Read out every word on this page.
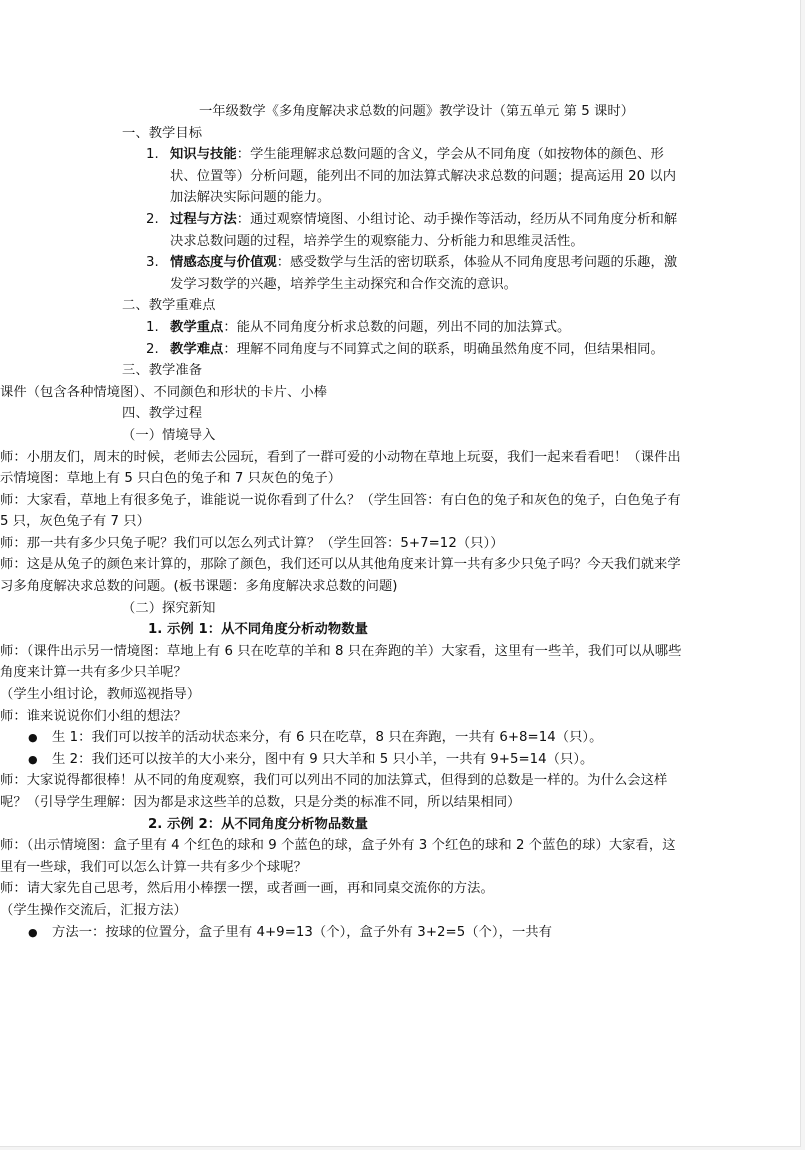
一年级数学《多角度解决求总数的问题》教学设计（第五单元 第 5 课时）

一、教学目标

1. 知识与技能：学生能理解求总数问题的含义，学会从不同角度（如按物体的颜色、形状、位置等）分析问题，能列出不同的加法算式解决求总数的问题；提高运用 20 以内加法解决实际问题的能力。
2. 过程与方法：通过观察情境图、小组讨论、动手操作等活动，经历从不同角度分析和解决求总数问题的过程，培养学生的观察能力、分析能力和思维灵活性。
3. 情感态度与价值观：感受数学与生活的密切联系，体验从不同角度思考问题的乐趣，激发学习数学的兴趣，培养学生主动探究和合作交流的意识。

二、教学重难点

1. 教学重点：能从不同角度分析求总数的问题，列出不同的加法算式。
2. 教学难点：理解不同角度与不同算式之间的联系，明确虽然角度不同，但结果相同。

三、教学准备

课件（包含各种情境图）、不同颜色和形状的卡片、小棒

四、教学过程

（一）情境导入

师：小朋友们，周末的时候，老师去公园玩，看到了一群可爱的小动物在草地上玩耍，我们一起来看看吧！（课件出示情境图：草地上有 5 只白色的兔子和 7 只灰色的兔子）

师：大家看，草地上有很多兔子，谁能说一说你看到了什么？（学生回答：有白色的兔子和灰色的兔子，白色兔子有 5 只，灰色兔子有 7 只）

师：那一共有多少只兔子呢？我们可以怎么列式计算？（学生回答：5+7=12（只））

师：这是从兔子的颜色来计算的，那除了颜色，我们还可以从其他角度来计算一共有多少只兔子吗？今天我们就来学习多角度解决求总数的问题。(板书课题：多角度解决求总数的问题)

（二）探究新知

1. 示例 1：从不同角度分析动物数量

师：（课件出示另一情境图：草地上有 6 只在吃草的羊和 8 只在奔跑的羊）大家看，这里有一些羊，我们可以从哪些角度来计算一共有多少只羊呢？

（学生小组讨论，教师巡视指导）

师：谁来说说你们小组的想法？

● 生 1：我们可以按羊的活动状态来分，有 6 只在吃草，8 只在奔跑，一共有 6+8=14（只）。
● 生 2：我们还可以按羊的大小来分，图中有 9 只大羊和 5 只小羊，一共有 9+5=14（只）。

师：大家说得都很棒！从不同的角度观察，我们可以列出不同的加法算式，但得到的总数是一样的。为什么会这样呢？（引导学生理解：因为都是求这些羊的总数，只是分类的标准不同，所以结果相同）

2. 示例 2：从不同角度分析物品数量

师：（出示情境图：盒子里有 4 个红色的球和 9 个蓝色的球，盒子外有 3 个红色的球和 2 个蓝色的球）大家看，这里有一些球，我们可以怎么计算一共有多少个球呢？

师：请大家先自己思考，然后用小棒摆一摆，或者画一画，再和同桌交流你的方法。

（学生操作交流后，汇报方法）

● 方法一：按球的位置分，盒子里有 4+9=13（个），盒子外有 3+2=5（个），一共有
